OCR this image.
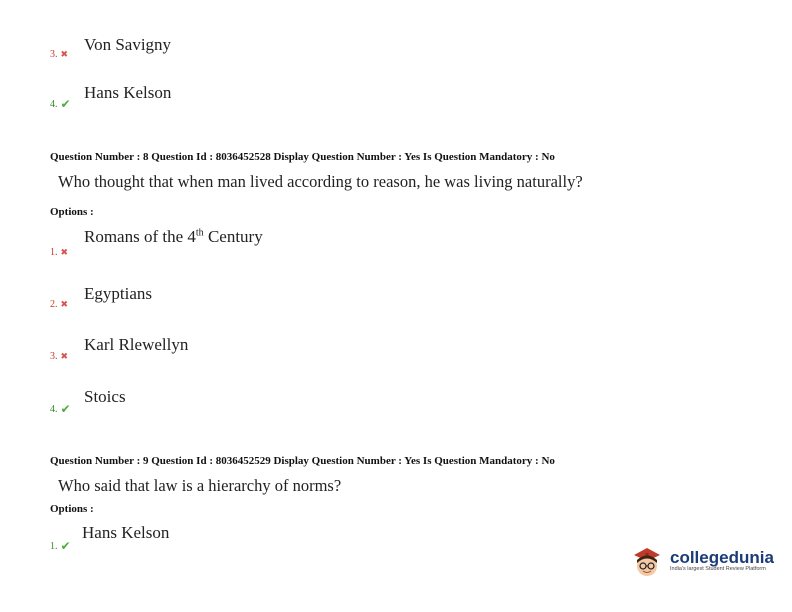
Von Savigny
3. ✖
Hans Kelson
4. ✔
Question Number : 8 Question Id : 8036452528 Display Question Number : Yes Is Question Mandatory : No
Who thought that when man lived according to reason, he was living naturally?
Options :
Romans of the 4th Century
1. ✖
Egyptians
2. ✖
Karl Rlewellyn
3. ✖
Stoics
4. ✔
Question Number : 9 Question Id : 8036452529 Display Question Number : Yes Is Question Mandatory : No
Who said that law is a hierarchy of norms?
Options :
Hans Kelson
1. ✔
collegedunia
India's largest Student Review Platform
